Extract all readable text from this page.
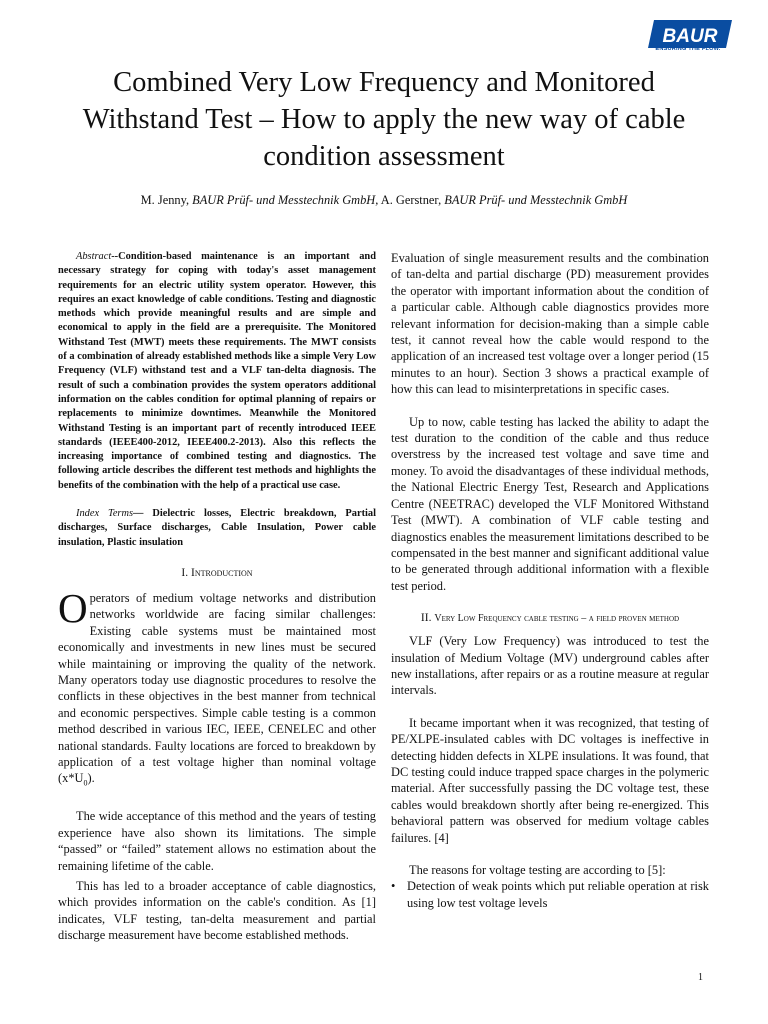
BAUR
ENSURING THE FLOW.
Combined Very Low Frequency and Monitored Withstand Test – How to apply the new way of cable condition assessment

M. Jenny, BAUR Prüf- und Messtechnik GmbH, A. Gerstner, BAUR Prüf- und Messtechnik GmbH

Abstract--Condition-based maintenance is an important and necessary strategy for coping with today's asset management requirements for an electric utility system operator. However, this requires an exact knowledge of cable conditions. Testing and diagnostic methods which provide meaningful results and are simple and economical to apply in the field are a prerequisite. The Monitored Withstand Test (MWT) meets these requirements. The MWT consists of a combination of already established methods like a simple Very Low Frequency (VLF) withstand test and a VLF tan-delta diagnosis. The result of such a combination provides the system operators additional information on the cables condition for optimal planning of repairs or replacements to minimize downtimes. Meanwhile the Monitored Withstand Testing is an important part of recently introduced IEEE standards (IEEE400-2012, IEEE400.2-2013). Also this reflects the increasing importance of combined testing and diagnostics. The following article describes the different test methods and highlights the benefits of the combination with the help of a practical use case.

Index Terms— Dielectric losses, Electric breakdown, Partial discharges, Surface discharges, Cable Insulation, Power cable insulation, Plastic insulation

I. Introduction

Operators of medium voltage networks and distribution networks worldwide are facing similar challenges: Existing cable systems must be maintained most economically and investments in new lines must be secured while maintaining or improving the quality of the network. Many operators today use diagnostic procedures to resolve the conflicts in these objectives in the best manner from technical and economic perspectives. Simple cable testing is a common method described in various IEC, IEEE, CENELEC and other national standards. Faulty locations are forced to breakdown by application of a test voltage higher than nominal voltage $(x*U_0)$.

The wide acceptance of this method and the years of testing experience have also shown its limitations. The simple “passed” or “failed” statement allows no estimation about the remaining lifetime of the cable.

This has led to a broader acceptance of cable diagnostics, which provides information on the cable's condition. As [1] indicates, VLF testing, tan-delta measurement and partial discharge measurement have become established methods.

Evaluation of single measurement results and the combination of tan-delta and partial discharge (PD) measurement provides the operator with important information about the condition of a particular cable. Although cable diagnostics provides more relevant information for decision-making than a simple cable test, it cannot reveal how the cable would respond to the application of an increased test voltage over a longer period (15 minutes to an hour). Section 3 shows a practical example of how this can lead to misinterpretations in specific cases.

Up to now, cable testing has lacked the ability to adapt the test duration to the condition of the cable and thus reduce overstress by the increased test voltage and save time and money. To avoid the disadvantages of these individual methods, the National Electric Energy Test, Research and Applications Centre (NEETRAC) developed the VLF Monitored Withstand Test (MWT). A combination of VLF cable testing and diagnostics enables the measurement limitations described to be compensated in the best manner and significant additional value to be generated through additional information with a flexible test period.

II. Very Low Frequency cable testing – a field proven method

VLF (Very Low Frequency) was introduced to test the insulation of Medium Voltage (MV) underground cables after new installations, after repairs or as a routine measure at regular intervals.

It became important when it was recognized, that testing of PE/XLPE-insulated cables with DC voltages is ineffective in detecting hidden defects in XLPE insulations. It was found, that DC testing could induce trapped space charges in the polymeric material. After successfully passing the DC voltage test, these cables would breakdown shortly after being re-energized. This behavioral pattern was observed for medium voltage cables failures. [4]

The reasons for voltage testing are according to [5]:

• Detection of weak points which put reliable operation at risk using low test voltage levels
1
